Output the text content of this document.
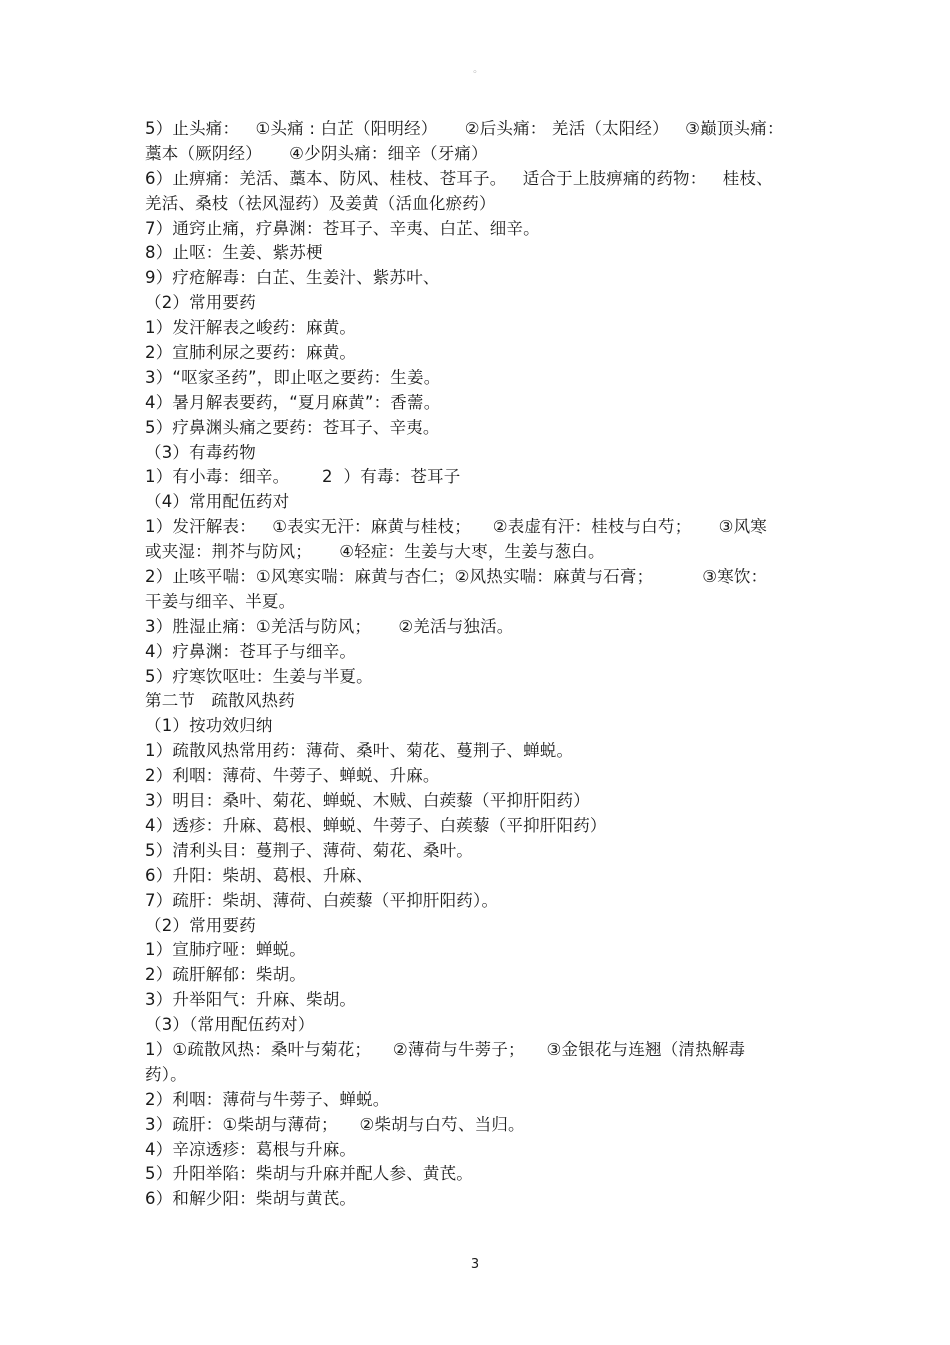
◦
5）止头痛：   ①头痛 : 白芷（阳明经）     ②后头痛： 羌活（太阳经）   ③巅顶头痛：
藁本（厥阴经）     ④少阴头痛：细辛（牙痛）
6）止痹痛：羌活、藁本、防风、桂枝、苍耳子。   适合于上肢痹痛的药物：   桂枝、
羌活、桑枝（祛风湿药）及姜黄（活血化瘀药）
7）通窍止痛，疗鼻渊：苍耳子、辛夷、白芷、细辛。
8）止呕：生姜、紫苏梗
9）疗疮解毒：白芷、生姜汁、紫苏叶、
（2）常用要药
1）发汗解表之峻药：麻黄。
2）宣肺利尿之要药：麻黄。
3）“呕家圣药”，即止呕之要药：生姜。
4）暑月解表要药，“夏月麻黄”：香薷。
5）疗鼻渊头痛之要药：苍耳子、辛夷。
（3）有毒药物
1）有小毒：细辛。      2  ）有毒：苍耳子
（4）常用配伍药对
1）发汗解表：   ①表实无汗：麻黄与桂枝；    ②表虚有汗：桂枝与白芍；     ③风寒
或夹湿：荆芥与防风；     ④轻症：生姜与大枣，生姜与葱白。
2）止咳平喘：①风寒实喘：麻黄与杏仁；②风热实喘：麻黄与石膏；         ③寒饮：
干姜与细辛、半夏。
3）胜湿止痛：①羌活与防风；     ②羌活与独活。
4）疗鼻渊：苍耳子与细辛。
5）疗寒饮呕吐：生姜与半夏。
第二节   疏散风热药
（1）按功效归纳
1）疏散风热常用药：薄荷、桑叶、菊花、蔓荆子、蝉蜕。
2）利咽：薄荷、牛蒡子、蝉蜕、升麻。
3）明目：桑叶、菊花、蝉蜕、木贼、白蒺藜（平抑肝阳药）
4）透疹：升麻、葛根、蝉蜕、牛蒡子、白蒺藜（平抑肝阳药）
5）清利头目：蔓荆子、薄荷、菊花、桑叶。
6）升阳：柴胡、葛根、升麻、
7）疏肝：柴胡、薄荷、白蒺藜（平抑肝阳药）。
（2）常用要药
1）宣肺疗哑：蝉蜕。
2）疏肝解郁：柴胡。
3）升举阳气：升麻、柴胡。
（3）（常用配伍药对）
1）①疏散风热：桑叶与菊花；    ②薄荷与牛蒡子；    ③金银花与连翘（清热解毒
药）。
2）利咽：薄荷与牛蒡子、蝉蜕。
3）疏肝：①柴胡与薄荷；    ②柴胡与白芍、当归。
4）辛凉透疹：葛根与升麻。
5）升阳举陷：柴胡与升麻并配人参、黄芪。
6）和解少阳：柴胡与黄芪。
3
